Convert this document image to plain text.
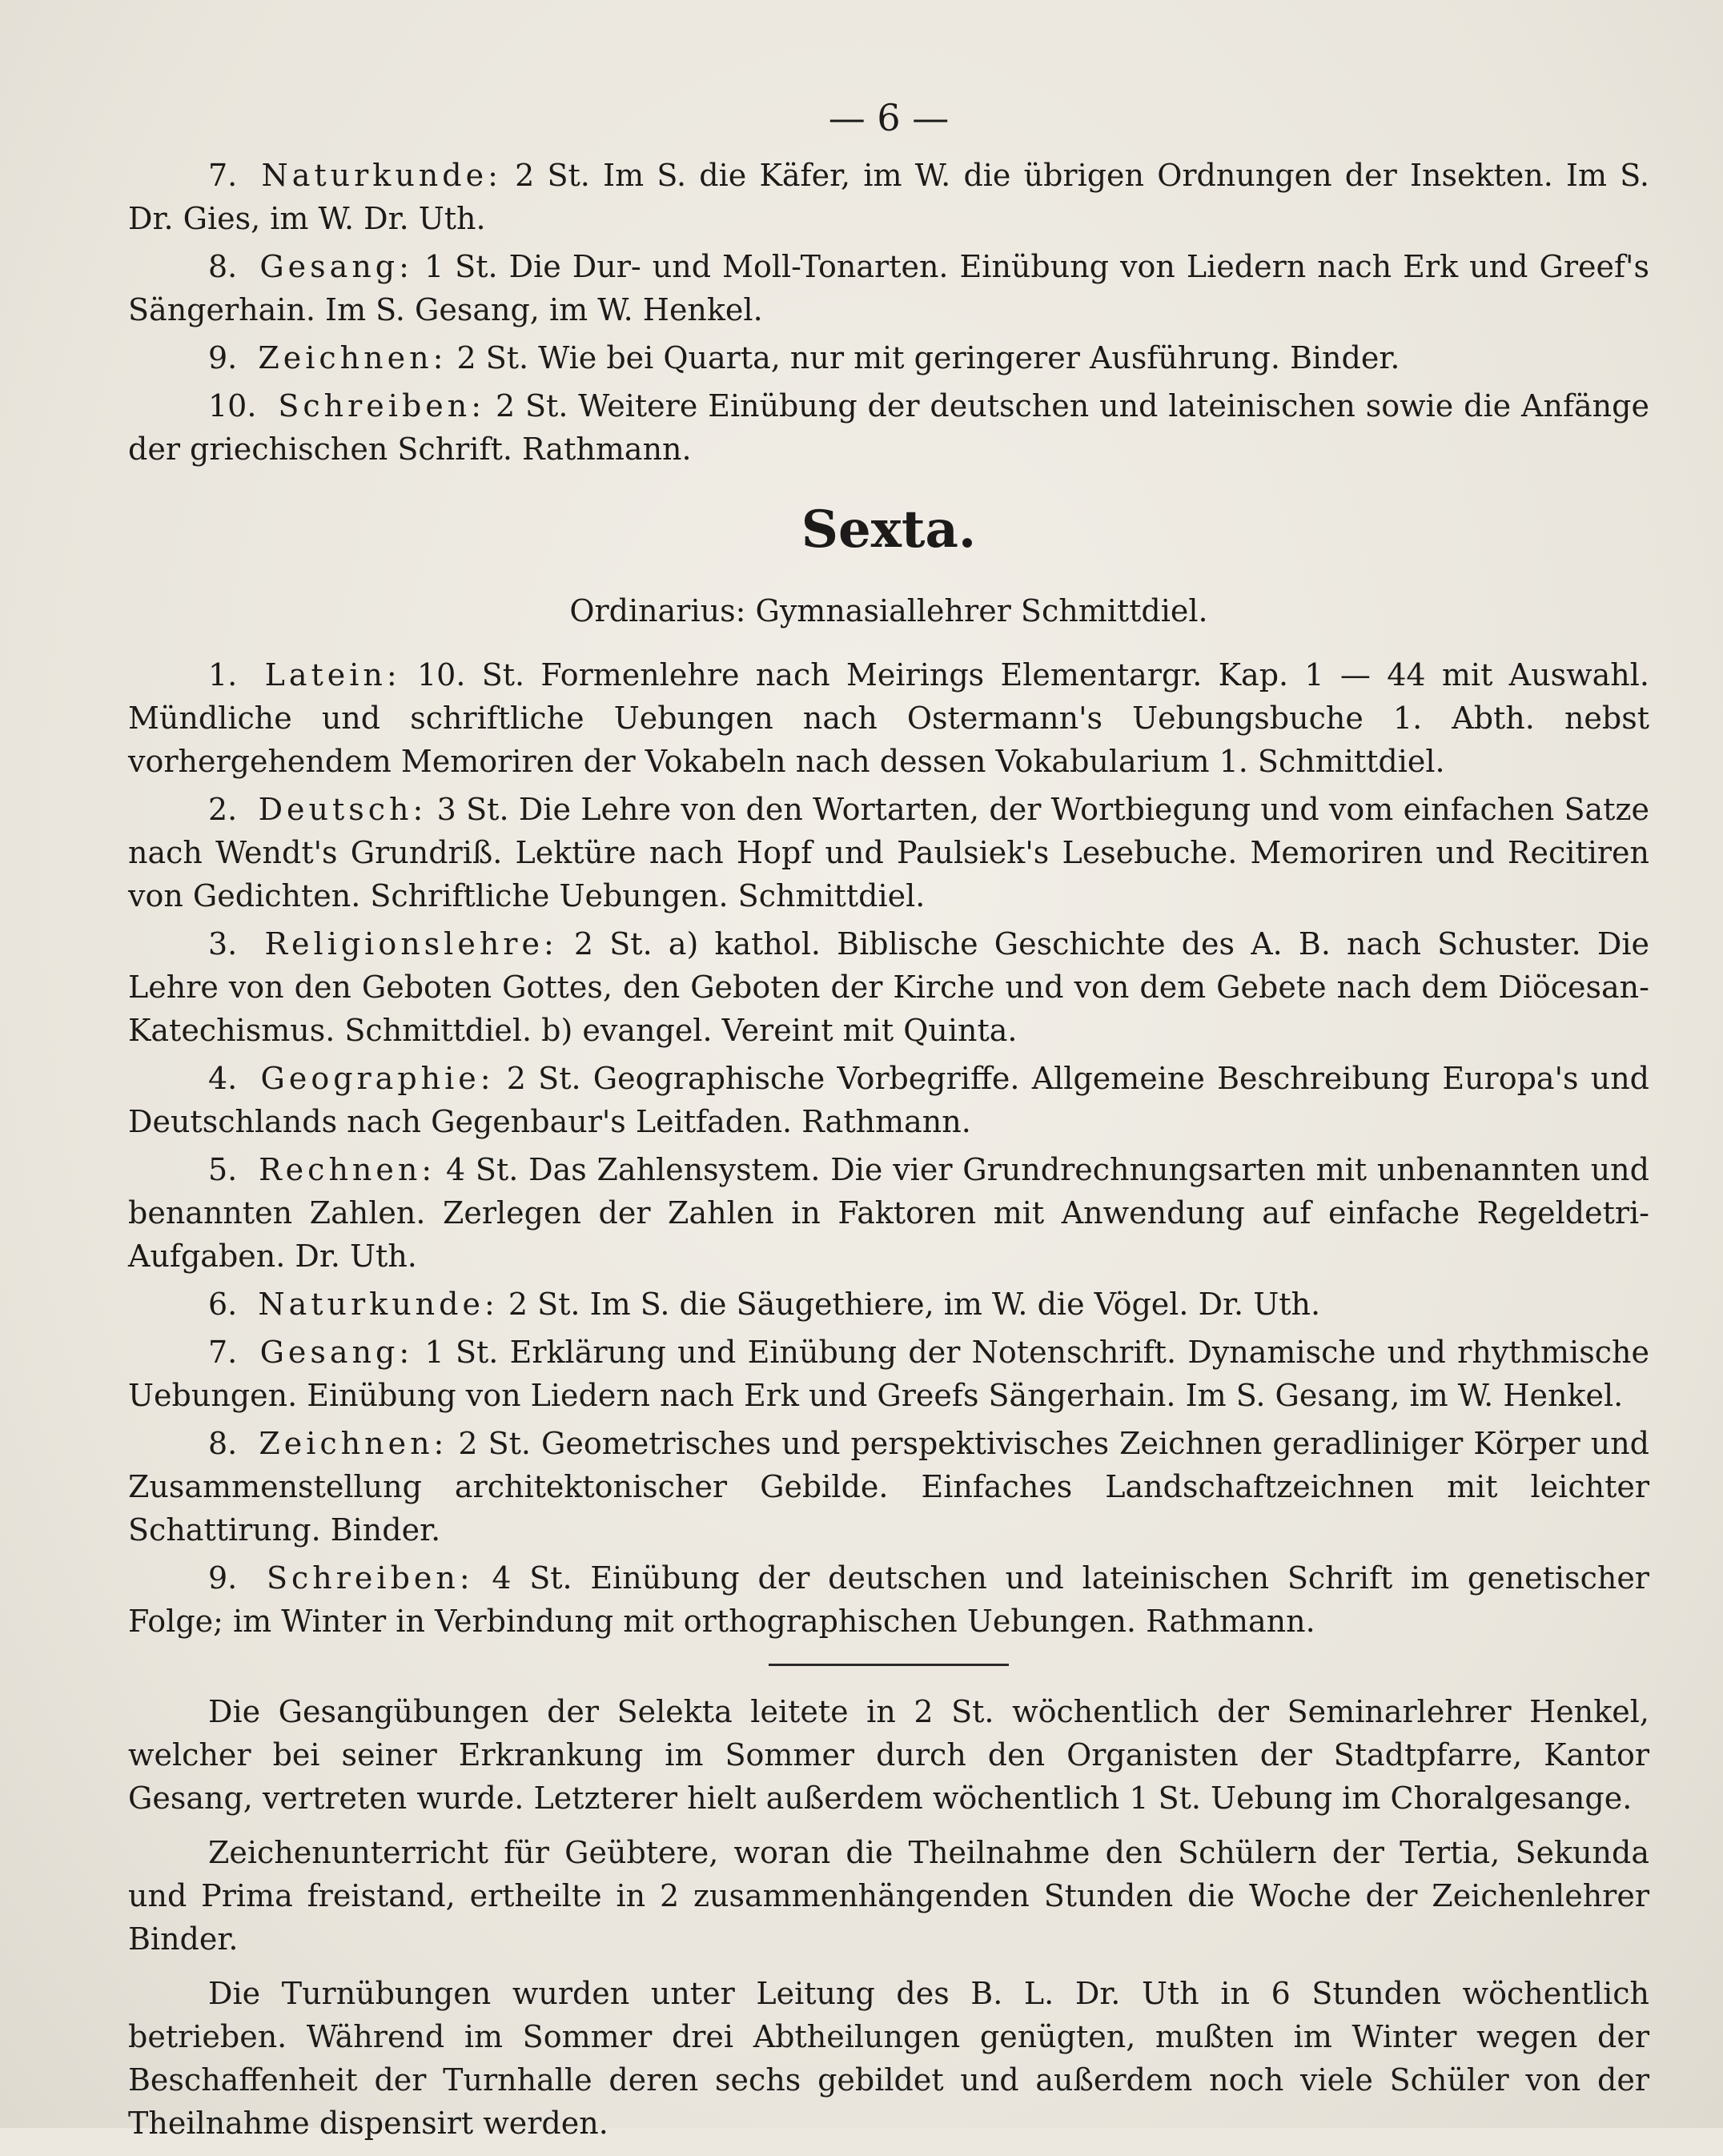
— 6 —

7. Naturkunde: 2 St. Im S. die Käfer, im W. die übrigen Ordnungen der Insekten. Im S. Dr. Gies, im W. Dr. Uth.

8. Gesang: 1 St. Die Dur- und Moll-Tonarten. Einübung von Liedern nach Erk und Greef's Sängerhain. Im S. Gesang, im W. Henkel.

9. Zeichnen: 2 St. Wie bei Quarta, nur mit geringerer Ausführung. Binder.

10. Schreiben: 2 St. Weitere Einübung der deutschen und lateinischen sowie die Anfänge der griechischen Schrift. Rathmann.

Sexta.
Ordinarius: Gymnasiallehrer Schmittdiel.

1. Latein: 10. St. Formenlehre nach Meirings Elementargr. Kap. 1 — 44 mit Auswahl. Mündliche und schriftliche Uebungen nach Ostermann's Uebungsbuche 1. Abth. nebst vorhergehendem Memoriren der Vokabeln nach dessen Vokabularium 1. Schmittdiel.

2. Deutsch: 3 St. Die Lehre von den Wortarten, der Wortbiegung und vom einfachen Satze nach Wendt's Grundriß. Lektüre nach Hopf und Paulsiek's Lesebuche. Memoriren und Recitiren von Gedichten. Schriftliche Uebungen. Schmittdiel.

3. Religionslehre: 2 St. a) kathol. Biblische Geschichte des A. B. nach Schuster. Die Lehre von den Geboten Gottes, den Geboten der Kirche und von dem Gebete nach dem Diöcesan-Katechismus. Schmittdiel. b) evangel. Vereint mit Quinta.

4. Geographie: 2 St. Geographische Vorbegriffe. Allgemeine Beschreibung Europa's und Deutschlands nach Gegenbaur's Leitfaden. Rathmann.

5. Rechnen: 4 St. Das Zahlensystem. Die vier Grundrechnungsarten mit unbenannten und benannten Zahlen. Zerlegen der Zahlen in Faktoren mit Anwendung auf einfache Regeldetri-Aufgaben. Dr. Uth.

6. Naturkunde: 2 St. Im S. die Säugethiere, im W. die Vögel. Dr. Uth.

7. Gesang: 1 St. Erklärung und Einübung der Notenschrift. Dynamische und rhythmische Uebungen. Einübung von Liedern nach Erk und Greefs Sängerhain. Im S. Gesang, im W. Henkel.

8. Zeichnen: 2 St. Geometrisches und perspektivisches Zeichnen geradliniger Körper und Zusammenstellung architektonischer Gebilde. Einfaches Landschaftzeichnen mit leichter Schattirung. Binder.

9. Schreiben: 4 St. Einübung der deutschen und lateinischen Schrift im genetischer Folge; im Winter in Verbindung mit orthographischen Uebungen. Rathmann.

Die Gesangübungen der Selekta leitete in 2 St. wöchentlich der Seminarlehrer Henkel, welcher bei seiner Erkrankung im Sommer durch den Organisten der Stadtpfarre, Kantor Gesang, vertreten wurde. Letzterer hielt außerdem wöchentlich 1 St. Uebung im Choralgesange.

Zeichenunterricht für Geübtere, woran die Theilnahme den Schülern der Tertia, Sekunda und Prima freistand, ertheilte in 2 zusammenhängenden Stunden die Woche der Zeichenlehrer Binder.

Die Turnübungen wurden unter Leitung des B. L. Dr. Uth in 6 Stunden wöchentlich betrieben. Während im Sommer drei Abtheilungen genügten, mußten im Winter wegen der Beschaffenheit der Turnhalle deren sechs gebildet und außerdem noch viele Schüler von der Theilnahme dispensirt werden.
